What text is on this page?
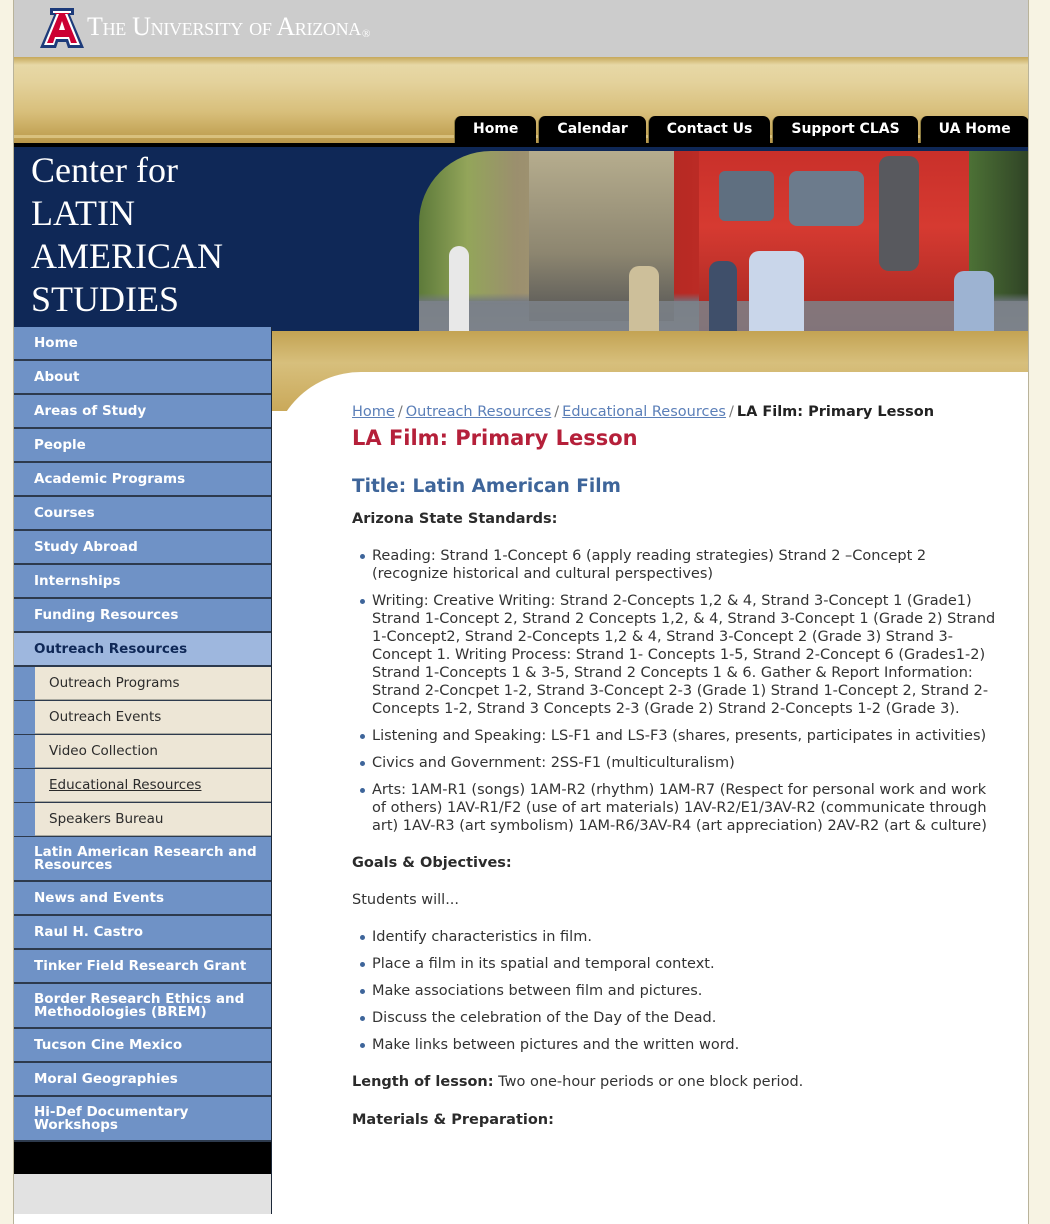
The University of Arizona®
Home	Calendar	Contact Us	Support CLAS	UA Home
Center for
LATIN
AMERICAN
STUDIES
Home
About
Areas of Study
People
Academic Programs
Courses
Study Abroad
Internships
Funding Resources
Outreach Resources
Outreach Programs
Outreach Events
Video Collection
Educational Resources
Speakers Bureau
Latin American Research and Resources
News and Events
Raul H. Castro
Tinker Field Research Grant
Border Research Ethics and Methodologies (BREM)
Tucson Cine Mexico
Moral Geographies
Hi-Def Documentary Workshops
Home / Outreach Resources / Educational Resources / LA Film: Primary Lesson
LA Film: Primary Lesson
Title: Latin American Film
Arizona State Standards:
Reading: Strand 1-Concept 6 (apply reading strategies) Strand 2 –Concept 2 (recognize historical and cultural perspectives)
Writing: Creative Writing: Strand 2-Concepts 1,2 & 4, Strand 3-Concept 1 (Grade1) Strand 1-Concept 2, Strand 2 Concepts 1,2, & 4, Strand 3-Concept 1 (Grade 2) Strand 1-Concept2, Strand 2-Concepts 1,2 & 4, Strand 3-Concept 2 (Grade 3) Strand 3-Concept 1. Writing Process: Strand 1- Concepts 1-5, Strand 2-Concept 6 (Grades1-2) Strand 1-Concepts 1 & 3-5, Strand 2 Concepts 1 & 6. Gather & Report Information: Strand 2-Concpet 1-2, Strand 3-Concept 2-3 (Grade 1) Strand 1-Concept 2, Strand 2-Concepts 1-2, Strand 3 Concepts 2-3 (Grade 2) Strand 2-Concepts 1-2 (Grade 3).
Listening and Speaking: LS-F1 and LS-F3 (shares, presents, participates in activities)
Civics and Government: 2SS-F1 (multiculturalism)
Arts: 1AM-R1 (songs) 1AM-R2 (rhythm) 1AM-R7 (Respect for personal work and work of others) 1AV-R1/F2 (use of art materials) 1AV-R2/E1/3AV-R2 (communicate through art) 1AV-R3 (art symbolism) 1AM-R6/3AV-R4 (art appreciation) 2AV-R2 (art & culture)
Goals & Objectives:
Students will...
Identify characteristics in film.
Place a film in its spatial and temporal context.
Make associations between film and pictures.
Discuss the celebration of the Day of the Dead.
Make links between pictures and the written word.
Length of lesson: Two one-hour periods or one block period.
Materials & Preparation:
